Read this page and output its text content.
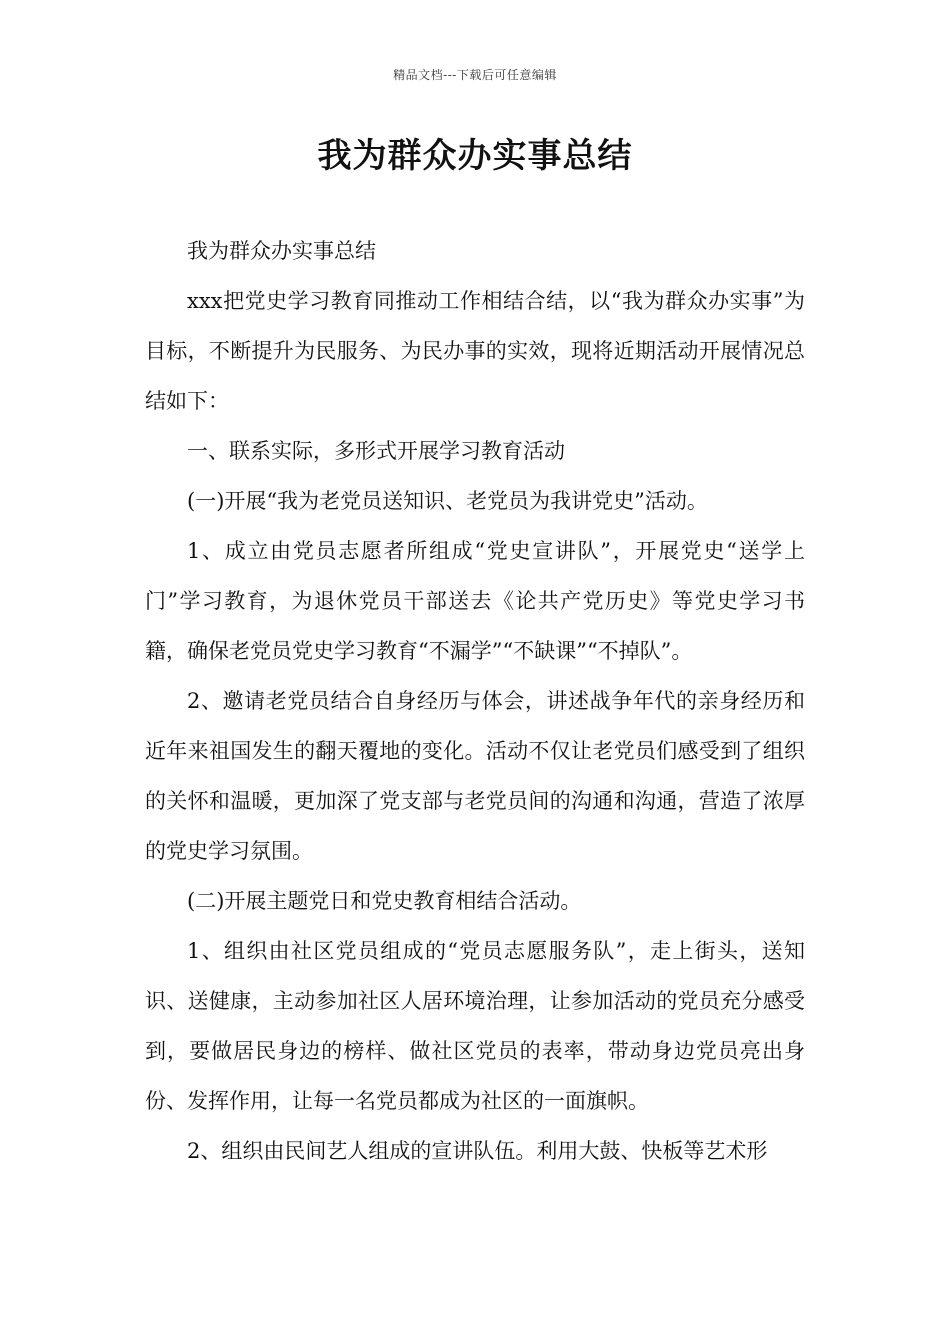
精品文档---下载后可任意编辑
我为群众办实事总结

我为群众办实事总结

xxx把党史学习教育同推动工作相结合结，以“我为群众办实事”为目标，不断提升为民服务、为民办事的实效，现将近期活动开展情况总结如下：

一、联系实际，多形式开展学习教育活动

(一)开展“我为老党员送知识、老党员为我讲党史”活动。

1、成立由党员志愿者所组成“党史宣讲队”，开展党史“送学上门”学习教育，为退休党员干部送去《论共产党历史》等党史学习书籍，确保老党员党史学习教育“不漏学”“不缺课”“不掉队”。

2、邀请老党员结合自身经历与体会，讲述战争年代的亲身经历和近年来祖国发生的翻天覆地的变化。活动不仅让老党员们感受到了组织的关怀和温暖，更加深了党支部与老党员间的沟通和沟通，营造了浓厚的党史学习氛围。

(二)开展主题党日和党史教育相结合活动。

1、组织由社区党员组成的“党员志愿服务队”，走上街头，送知识、送健康，主动参加社区人居环境治理，让参加活动的党员充分感受到，要做居民身边的榜样、做社区党员的表率，带动身边党员亮出身份、发挥作用，让每一名党员都成为社区的一面旗帜。

2、组织由民间艺人组成的宣讲队伍。利用大鼓、快板等艺术形
